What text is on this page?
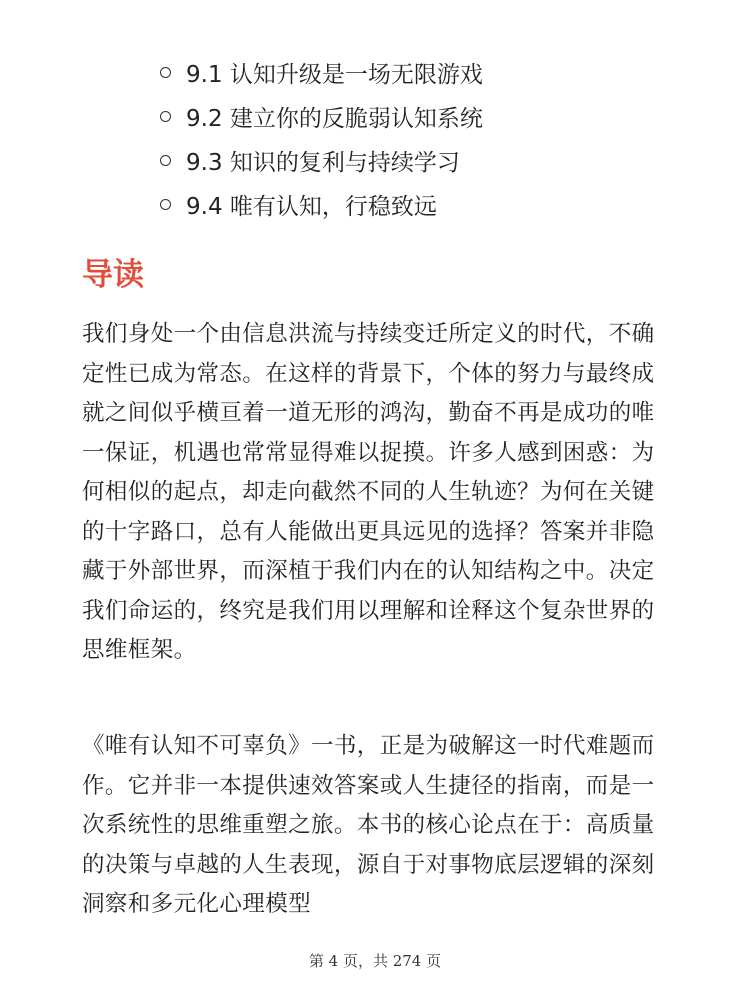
9.1 认知升级是一场无限游戏
9.2 建立你的反脆弱认知系统
9.3 知识的复利与持续学习
9.4 唯有认知，行稳致远
导读

我们身处一个由信息洪流与持续变迁所定义的时代，不确定性已成为常态。在这样的背景下，个体的努力与最终成就之间似乎横亘着一道无形的鸿沟，勤奋不再是成功的唯一保证，机遇也常常显得难以捉摸。许多人感到困惑：为何相似的起点，却走向截然不同的人生轨迹？为何在关键的十字路口，总有人能做出更具远见的选择？答案并非隐藏于外部世界，而深植于我们内在的认知结构之中。决定我们命运的，终究是我们用以理解和诠释这个复杂世界的思维框架。

《唯有认知不可辜负》一书，正是为破解这一时代难题而作。它并非一本提供速效答案或人生捷径的指南，而是一次系统性的思维重塑之旅。本书的核心论点在于：高质量的决策与卓越的人生表现，源自于对事物底层逻辑的深刻洞察和多元化心理模型

第 4 页，共 274 页
